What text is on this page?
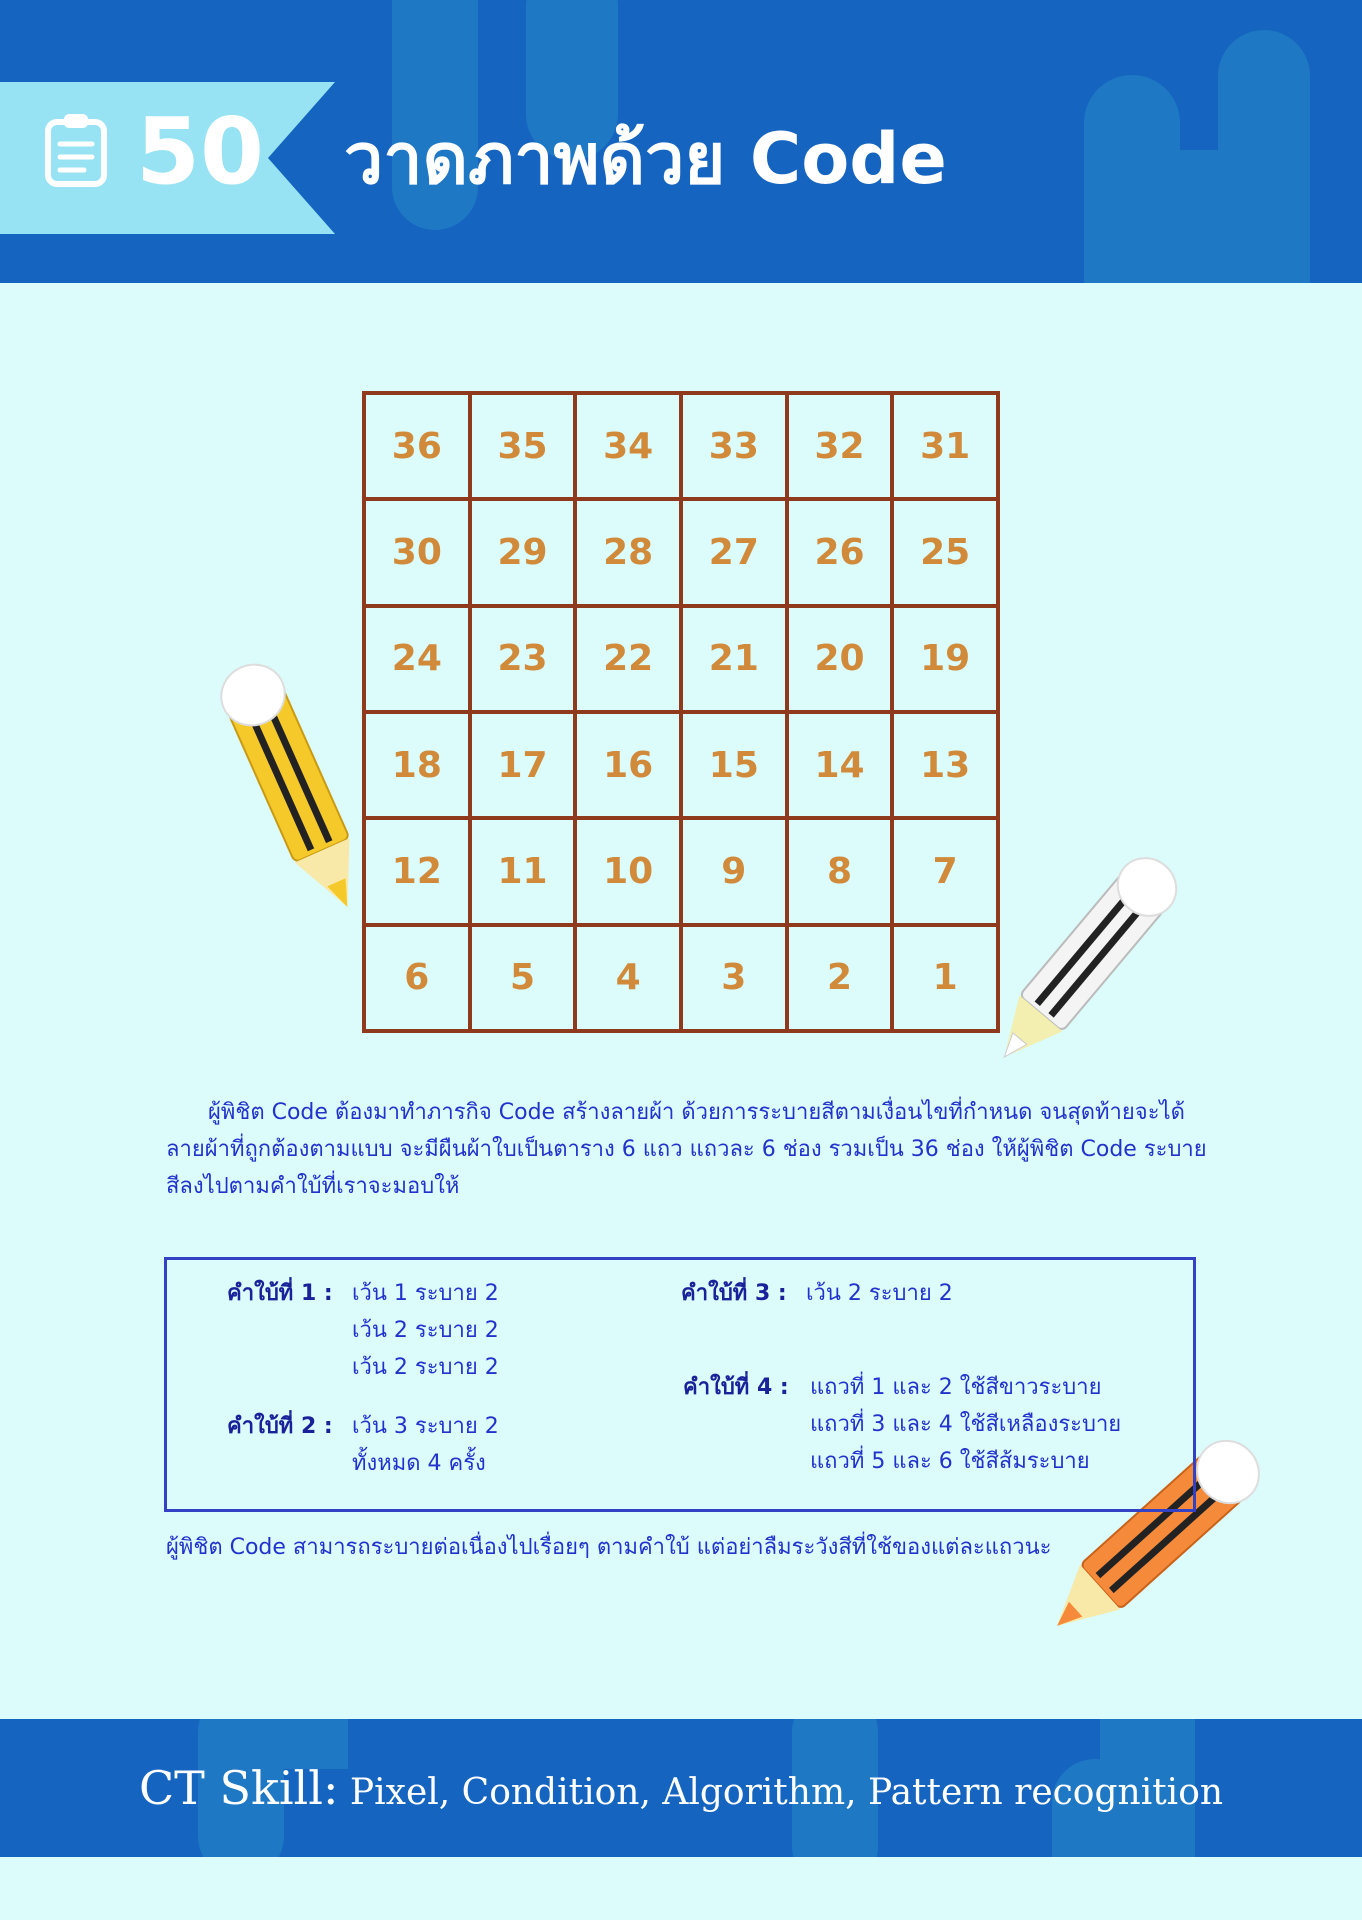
50 วาดภาพด้วย Code
36	35	34	33	32	31
30	29	28	27	26	25
24	23	22	21	20	19
18	17	16	15	14	13
12	11	10	9	8	7
6	5	4	3	2	1

ผู้พิชิต Code ต้องมาทำภารกิจ Code สร้างลายผ้า ด้วยการระบายสีตามเงื่อนไขที่กำหนด จนสุดท้ายจะได้
ลายผ้าที่ถูกต้องตามแบบ จะมีผืนผ้าใบเป็นตาราง 6 แถว แถวละ 6 ช่อง รวมเป็น 36 ช่อง ให้ผู้พิชิต Code ระบาย
สีลงไปตามคำใบ้ที่เราจะมอบให้

คำใบ้ที่ 1 : เว้น 1 ระบาย 2
เว้น 2 ระบาย 2
เว้น 2 ระบาย 2
คำใบ้ที่ 2 : เว้น 3 ระบาย 2
ทั้งหมด 4 ครั้ง
คำใบ้ที่ 3 : เว้น 2 ระบาย 2
คำใบ้ที่ 4 : แถวที่ 1 และ 2 ใช้สีขาวระบาย
แถวที่ 3 และ 4 ใช้สีเหลืองระบาย
แถวที่ 5 และ 6 ใช้สีส้มระบาย
ผู้พิชิต Code สามารถระบายต่อเนื่องไปเรื่อยๆ ตามคำใบ้ แต่อย่าลืมระวังสีที่ใช้ของแต่ละแถวนะ
CT Skill: Pixel, Condition, Algorithm, Pattern recognition
